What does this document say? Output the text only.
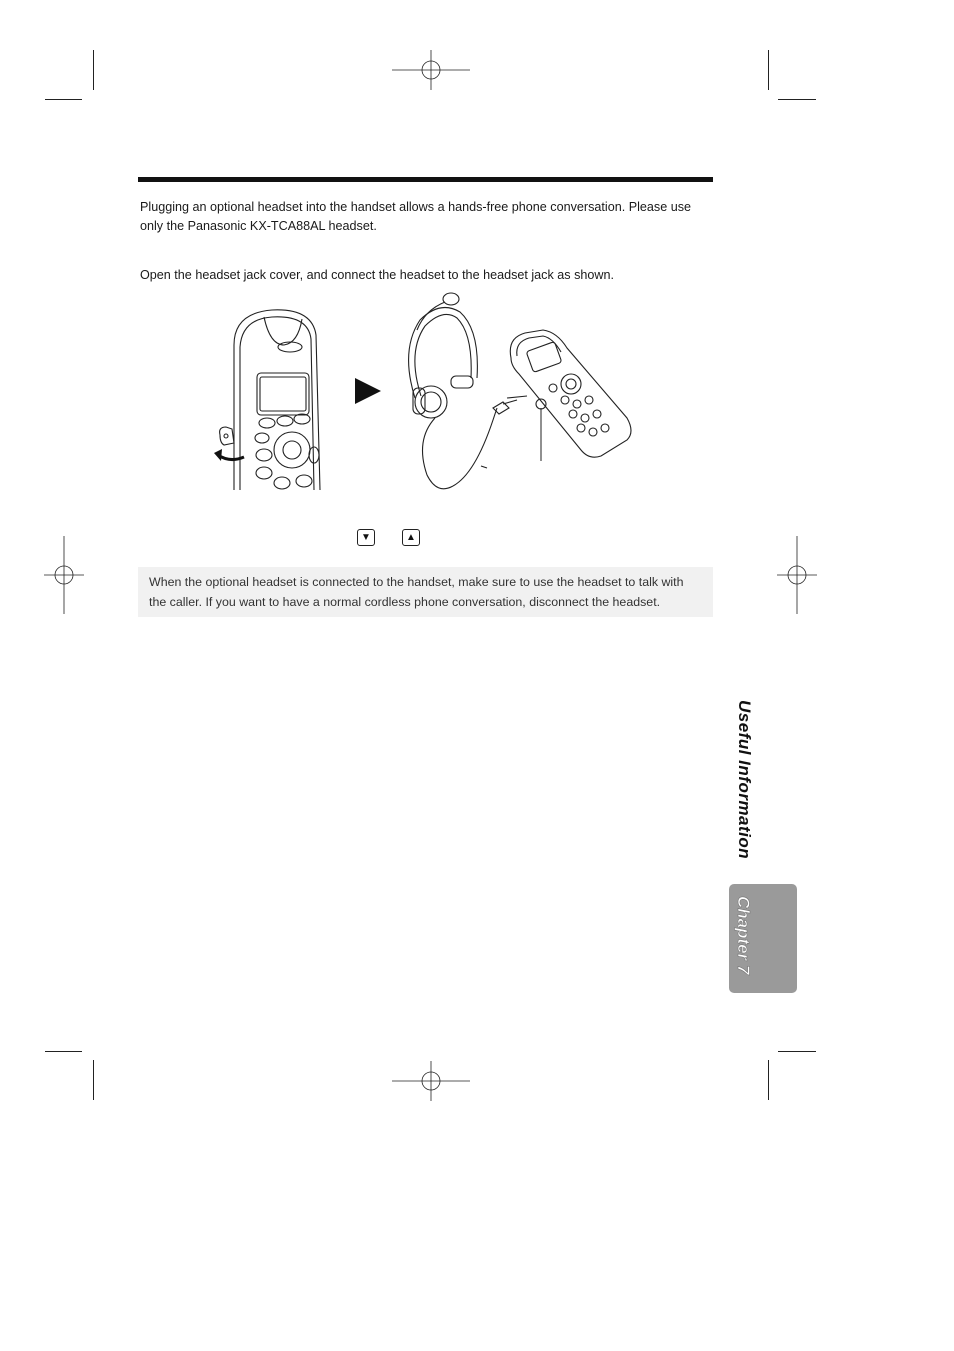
Plugging an optional headset into the handset allows a hands-free phone conversation. Please use
only the Panasonic KX-TCA88AL headset.
Open the headset jack cover, and connect the headset to the headset jack as shown.
▼	▲

When the optional headset is connected to the handset, make sure to use the headset to talk with
the caller. If you want to have a normal cordless phone conversation, disconnect the headset.

Useful Information
Chapter 7
